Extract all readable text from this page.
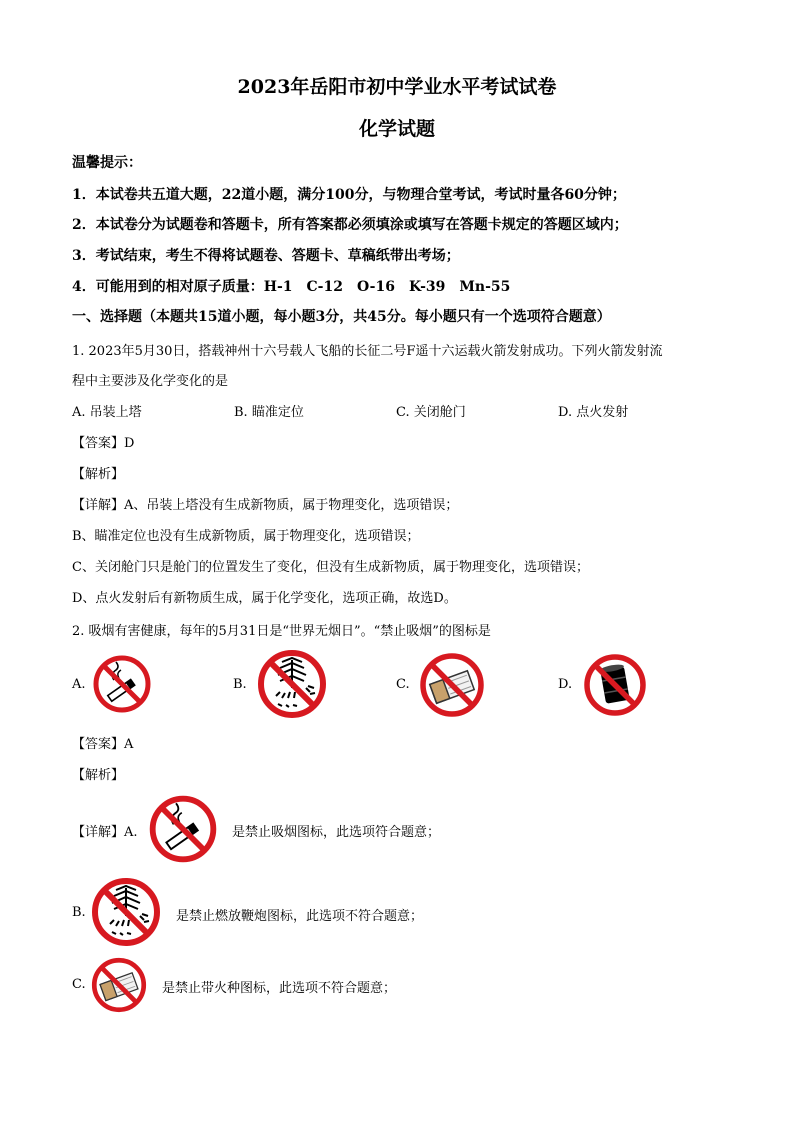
2023年岳阳市初中学业水平考试试卷
化学试题
温馨提示：
1．本试卷共五道大题，22道小题，满分100分，与物理合堂考试，考试时量各60分钟；
2．本试卷分为试题卷和答题卡，所有答案都必须填涂或填写在答题卡规定的答题区域内；
3．考试结束，考生不得将试题卷、答题卡、草稿纸带出考场；
4．可能用到的相对原子质量：H-1　C-12　O-16　K-39　Mn-55
一、选择题（本题共15道小题，每小题3分，共45分。每小题只有一个选项符合题意）
1. 2023年5月30日，搭载神州十六号载人飞船的长征二号F遥十六运载火箭发射成功。下列火箭发射流
程中主要涉及化学变化的是
A. 吊装上塔	B. 瞄准定位	C. 关闭舱门	D. 点火发射
【答案】D
【解析】
【详解】A、吊装上塔没有生成新物质，属于物理变化，选项错误；
B、瞄准定位也没有生成新物质，属于物理变化，选项错误；
C、关闭舱门只是舱门的位置发生了变化，但没有生成新物质，属于物理变化，选项错误；
D、点火发射后有新物质生成，属于化学变化，选项正确，故选D。
2. 吸烟有害健康，每年的5月31日是“世界无烟日”。“禁止吸烟”的图标是
A.	B.	C.	D.
【答案】A
【解析】
【详解】A.	是禁止吸烟图标，此选项符合题意；
B.	是禁止燃放鞭炮图标，此选项不符合题意；
C.	是禁止带火种图标，此选项不符合题意；
